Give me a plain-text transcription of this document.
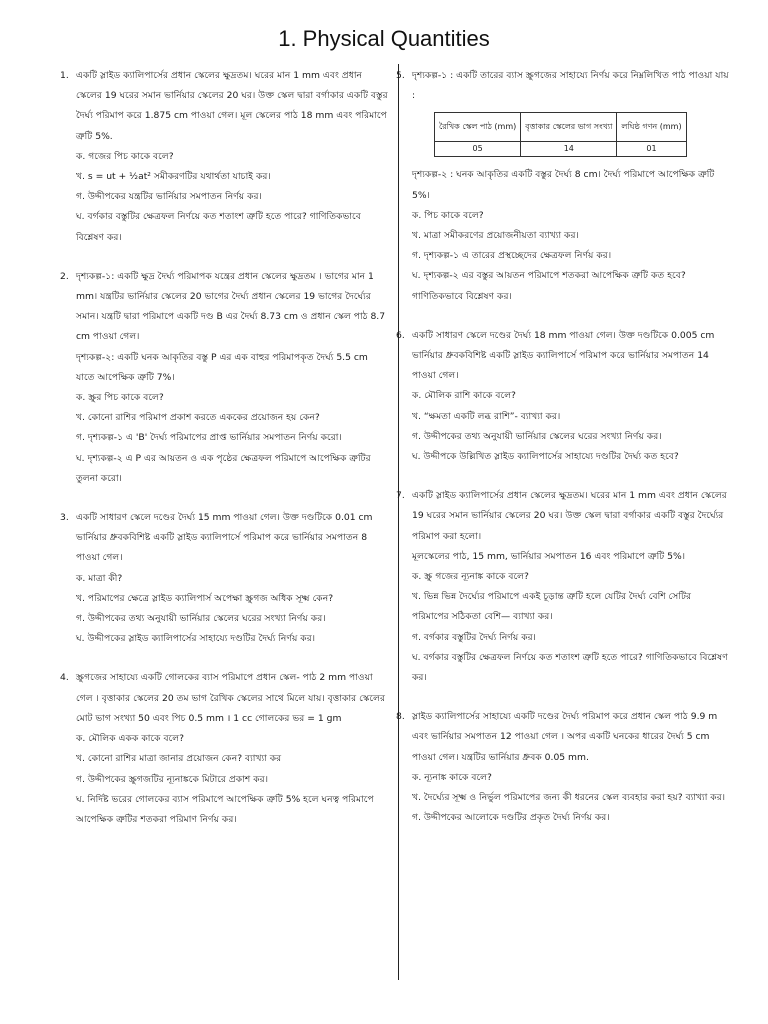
1. Physical Quantities
1. একটি স্লাইড ক্যালিপার্সের প্রধান স্কেলের ক্ষুদ্রতম। ঘরের মান 1 mm এবং প্রধান স্কেলের 19 ঘরের সমান ভার্নিয়ার স্কেলের 20 ঘর। উক্ত স্কেল দ্বারা বর্গাকার একটি বস্তুর দৈর্ঘ্য পরিমাপ করে 1.875 cm পাওয়া গেল। মূল স্কেলের পাঠ 18 mm এবং পরিমাপে ত্রুটি 5%.

ক. গজের পিচ কাকে বলে?

খ. s = ut + ½at² সমীকরণটির যথার্থতা যাচাই কর।

গ. উদ্দীপকের যন্ত্রটির ভার্নিয়ার সমপাতন নির্ণয় কর।

ঘ. বর্গকার বস্তুটির ক্ষেত্রফল নির্ণয়ে কত শতাংশ ত্রুটি হতে পারে? গাণিতিকভাবে বিশ্লেষণ কর।

2. দৃশ্যকল্প-১: একটি ক্ষুদ্র দৈর্ঘ্য পরিমাপক যন্ত্রের প্রধান স্কেলের ক্ষুদ্রতম । ভাগের মান 1 mm। যন্ত্রটির ভার্নিয়ার স্কেলের 20 ভাগের দৈর্ঘ্য প্রধান স্কেলের 19 ভাগের দৈর্ঘ্যের সমান। যন্ত্রটি দ্বারা পরিমাপে একটি দণ্ড B এর দৈর্ঘ্য 8.73 cm ও প্রধান স্কেল পাঠ 8.7 cm পাওয়া গেল।

দৃশ্যকল্প-২: একটি ঘনক আকৃতির বস্তু P এর এক বাহুর পরিমাপকৃত দৈর্ঘ্য 5.5 cm যাতে আপেক্ষিক ত্রুটি 7%।

ক. স্ক্রুর পিচ কাকে বলে?

খ. কোনো রাশির পরিমাপ প্রকাশ করতে এককের প্রয়োজন হয় কেন?

গ. দৃশ্যকল্প-১ এ 'B' দৈর্ঘ্য পরিমাপের প্রাপ্ত ভার্নিয়ার সমপাতন নির্ণয় করো।

ঘ. দৃশ্যকল্প-২ এ P এর আয়তন ও এক পৃষ্ঠের ক্ষেত্রফল পরিমাপে আপেক্ষিক ত্রুটির তুলনা করো।

3. একটি সাধারণ স্কেলে দণ্ডের দৈর্ঘ্য 15 mm পাওয়া গেল। উক্ত দণ্ডটিকে 0.01 cm ভার্নিয়ার ধ্রুবকবিশিষ্ট একটি স্লাইড ক্যালিপার্সে পরিমাপ করে ভার্নিয়ার সমপাতন 8 পাওয়া গেল।

ক. মাত্রা কী?

খ. পরিমাপের ক্ষেত্রে স্লাইড ক্যালিপার্স অপেক্ষা স্ক্রুগজ অধিক সূক্ষ্ম কেন?

গ. উদ্দীপকের তথ্য অনুযায়ী ভার্নিয়ার স্কেলের ঘরের সংখ্যা নির্ণয় কর।

ঘ. উদ্দীপকের স্লাইড ক্যালিপার্সের সাহায্যে দণ্ডটির দৈর্ঘ্য নির্ণয় কর।

4. স্ক্রুগজের সাহায্যে একটি গোলকের ব্যাস পরিমাপে প্রধান স্কেল- পাঠ 2 mm পাওয়া গেল । বৃত্তাকার স্কেলের 20 তম ভাগ রৈখিক স্কেলের সাথে মিলে যায়। বৃত্তাকার স্কেলের মোট ভাগ সংখ্যা 50 এবং পিচ 0.5 mm । 1 cc গোলকের ভর = 1 gm

ক. মৌলিক একক কাকে বলে?

খ. কোনো রাশির মাত্রা জানার প্রয়োজন কেন? ব্যাখ্যা কর

গ. উদ্দীপকের স্ক্রুগজটির ন্যূনাঙ্ককে মিটারে প্রকাশ কর।

ঘ. নির্দিষ্ট ভরের গোলকের ব্যাস পরিমাপে আপেক্ষিক ত্রুটি 5% হলে ঘনত্ব পরিমাপে আপেক্ষিক ত্রুটির শতকরা পরিমাণ নির্ণয় কর।

5. দৃশ্যকল্প-১ : একটি তারের ব্যাস স্ক্রুগজের সাহায্যে নির্ণয় করে নিম্নলিখিত পাঠ পাওয়া যায় :

রৈখিক স্কেল পাঠ (mm)	বৃত্তাকার স্কেলের ভাগ সংখ্যা	লঘিষ্ঠ গণন (mm)
05	14	01

দৃশ্যকল্প-২ : ঘনক আকৃতির একটি বস্তুর দৈর্ঘ্য 8 cm। দৈর্ঘ্য পরিমাপে আপেক্ষিক ত্রুটি 5%।

ক. পিচ কাকে বলে?

খ. মাত্রা সমীকরণের প্রয়োজনীয়তা ব্যাখ্যা কর।

গ. দৃশ্যকল্প-১ এ তারের প্রস্থচ্ছেদের ক্ষেত্রফল নির্ণয় কর।

ঘ. দৃশ্যকল্প-২ এর বস্তুর আয়তন পরিমাপে শতকরা আপেক্ষিক ত্রুটি কত হবে? গাণিতিকভাবে বিশ্লেষণ কর।

6. একটি সাধারণ স্কেলে দণ্ডের দৈর্ঘ্য 18 mm পাওয়া গেল। উক্ত দণ্ডটিকে 0.005 cm ভার্নিয়ার ধ্রুবকবিশিষ্ট একটি স্লাইড ক্যালিপার্সে পরিমাপ করে ভার্নিয়ার সমপাতন 14 পাওয়া গেল।

ক. মৌলিক রাশি কাকে বলে?

খ. “ক্ষমতা একটি লব্ধ রাশি”- ব্যাখ্যা কর।

গ. উদ্দীপকের তথ্য অনুযায়ী ভার্নিয়ার স্কেলের ঘরের সংখ্যা নির্ণয় কর।

ঘ. উদ্দীপকে উল্লিখিত স্লাইড ক্যালিপার্সের সাহায্যে দণ্ডটির দৈর্ঘ্য কত হবে?

7. একটি স্লাইড ক্যালিপার্সের প্রধান স্কেলের ক্ষুদ্রতম। ঘরের মান 1 mm এবং প্রধান স্কেলের 19 ঘরের সমান ভার্নিয়ার স্কেলের 20 ঘর। উক্ত স্কেল দ্বারা বর্গাকার একটি বস্তুর দৈর্ঘ্যের পরিমাপ করা হলো।

মূলস্কেলের পাঠ, 15 mm, ভার্নিয়ার সমপাতন 16 এবং পরিমাপে ত্রুটি 5%।

ক. স্ক্রু গজের ন্যূনাঙ্ক কাকে বলে?

খ. ভিন্ন ভিন্ন দৈর্ঘ্যের পরিমাপে একই চূড়ান্ত ত্রুটি হলে যেটির দৈর্ঘ্য বেশি সেটির পরিমাপের সঠিকতা বেশি— ব্যাখ্যা কর।

গ. বর্গকার বস্তুটির দৈর্ঘ্য নির্ণয় কর।

ঘ. বর্গকার বস্তুটির ক্ষেত্রফল নির্ণয়ে কত শতাংশ ত্রুটি হতে পারে? গাণিতিকভাবে বিশ্লেষণ কর।

8. স্লাইড ক্যালিপার্সের সাহায্যে একটি দণ্ডের দৈর্ঘ্য পরিমাপ করে প্রধান স্কেল পাঠ 9.9 m এবং ভার্নিয়ার সমপাতন 12 পাওয়া গেল । অপর একটি ঘনকের ধারের দৈর্ঘ্য 5 cm পাওয়া গেল। যন্ত্রটির ভার্নিয়ার ধ্রুবক 0.05 mm.

ক. ন্যূনাঙ্ক কাকে বলে?

খ. দৈর্ঘ্যের সূক্ষ্ম ও নির্ভুল পরিমাপের জন্য কী ধরনের স্কেল ব্যবহার করা হয়? ব্যাখ্যা কর।

গ. উদ্দীপকের আলোকে দণ্ডটির প্রকৃত দৈর্ঘ্য নির্ণয় কর।
